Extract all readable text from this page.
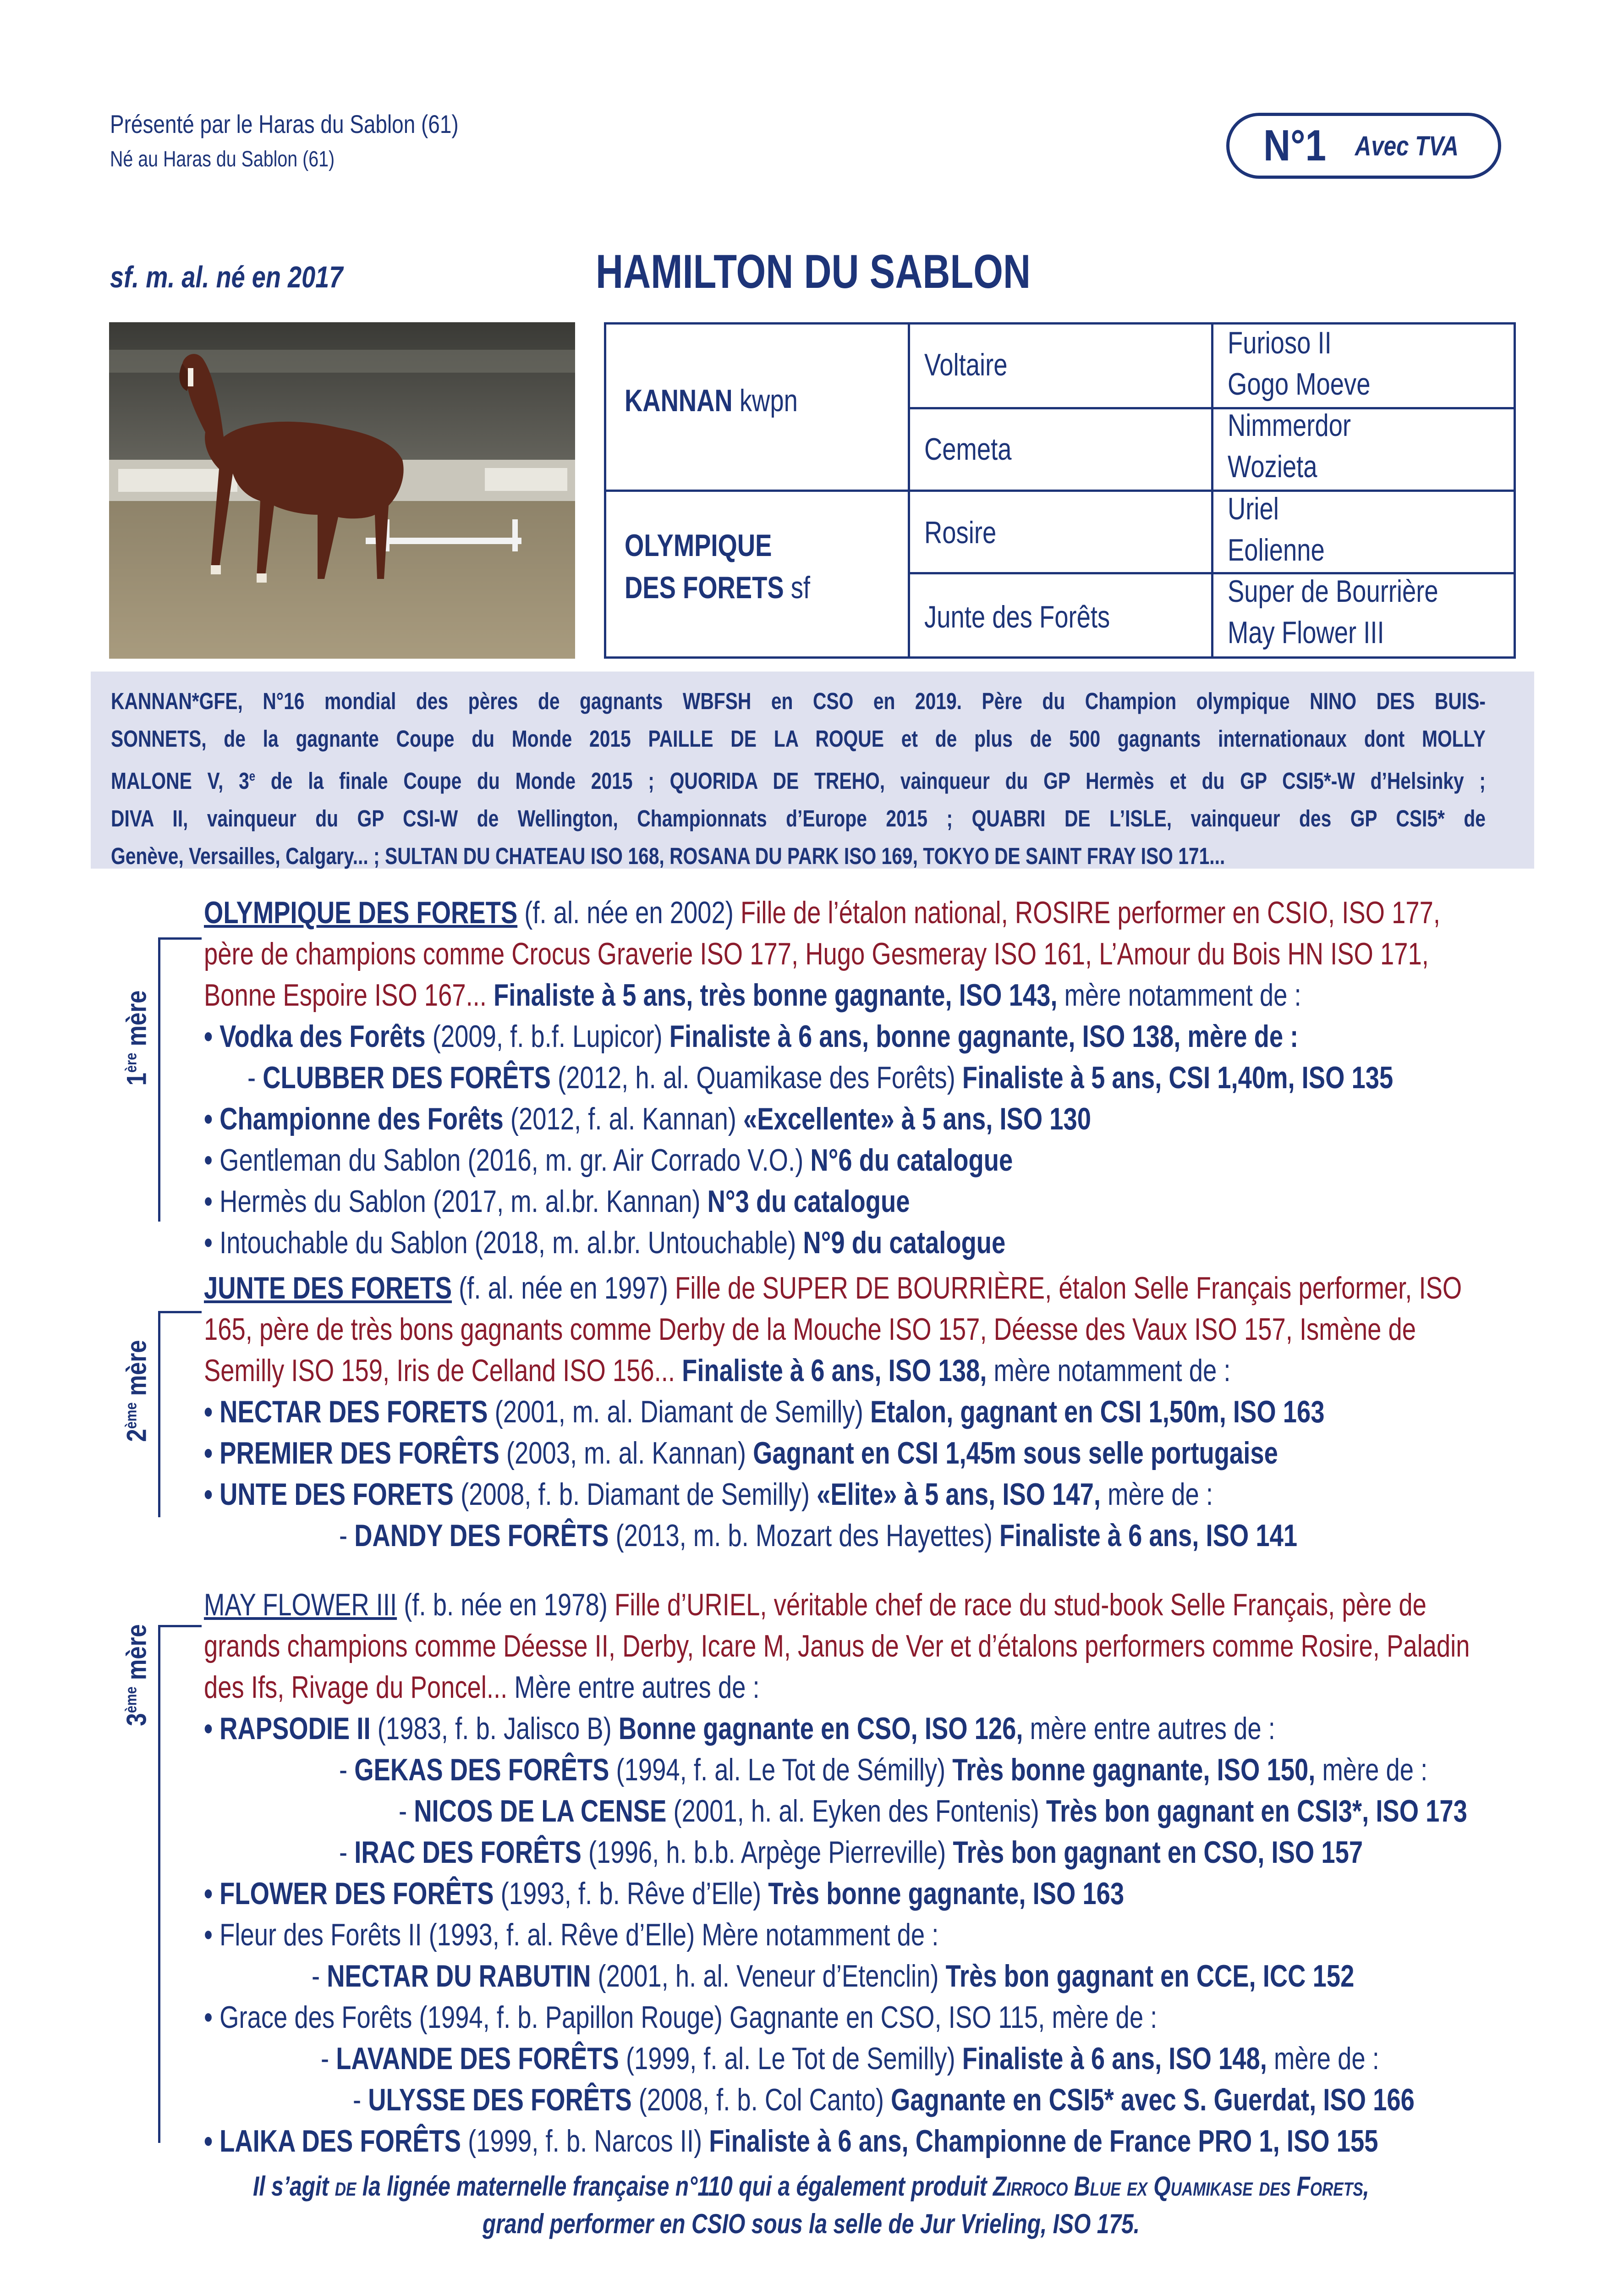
Présenté par le Haras du Sablon (61)
Né au Haras du Sablon (61)	N°1 Avec TVA
sf. m. al. né en 2017	HAMILTON DU SABLON
KANNAN kwpn
OLYMPIQUE
DES FORETS sf
Voltaire
Cemeta
Rosire
Junte des Forêts
Furioso II
Gogo Moeve
Nimmerdor
Wozieta
Uriel
Eolienne
Super de Bourrière
May Flower III
KANNAN*GFE, N°16 mondial des pères de gagnants WBFSH en CSO en 2019. Père du Champion olympique NINO DES BUIS-
SONNETS, de la gagnante Coupe du Monde 2015 PAILLE DE LA ROQUE et de plus de 500 gagnants internationaux dont MOLLY
MALONE V, 3e de la finale Coupe du Monde 2015 ; QUORIDA DE TREHO, vainqueur du GP Hermès et du GP CSI5*-W d’Helsinky ;
DIVA II, vainqueur du GP CSI-W de Wellington, Championnats d’Europe 2015 ; QUABRI DE L’ISLE, vainqueur des GP CSI5* de
Genève, Versailles, Calgary... ; SULTAN DU CHATEAU ISO 168, ROSANA DU PARK ISO 169, TOKYO DE SAINT FRAY ISO 171...
1ère mère
OLYMPIQUE DES FORETS (f. al. née en 2002) Fille de l’étalon national, ROSIRE performer en CSIO, ISO 177,
père de champions comme Crocus Graverie ISO 177, Hugo Gesmeray ISO 161, L’Amour du Bois HN ISO 171,
Bonne Espoire ISO 167... Finaliste à 5 ans, très bonne gagnante, ISO 143, mère notamment de :
• Vodka des Forêts (2009, f. b.f. Lupicor) Finaliste à 6 ans, bonne gagnante, ISO 138, mère de :
- CLUBBER DES FORÊTS (2012, h. al. Quamikase des Forêts) Finaliste à 5 ans, CSI 1,40m, ISO 135
• Championne des Forêts (2012, f. al. Kannan) «Excellente» à 5 ans, ISO 130
• Gentleman du Sablon (2016, m. gr. Air Corrado V.O.) N°6 du catalogue
• Hermès du Sablon (2017, m. al.br. Kannan) N°3 du catalogue
• Intouchable du Sablon (2018, m. al.br. Untouchable) N°9 du catalogue
2ème mère
JUNTE DES FORETS (f. al. née en 1997) Fille de SUPER DE BOURRIÈRE, étalon Selle Français performer, ISO
165, père de très bons gagnants comme Derby de la Mouche ISO 157, Déesse des Vaux ISO 157, Ismène de
Semilly ISO 159, Iris de Celland ISO 156... Finaliste à 6 ans, ISO 138, mère notamment de :
• NECTAR DES FORETS (2001, m. al. Diamant de Semilly) Etalon, gagnant en CSI 1,50m, ISO 163
• PREMIER DES FORÊTS (2003, m. al. Kannan) Gagnant en CSI 1,45m sous selle portugaise
• UNTE DES FORETS (2008, f. b. Diamant de Semilly) «Elite» à 5 ans, ISO 147, mère de :
- DANDY DES FORÊTS (2013, m. b. Mozart des Hayettes) Finaliste à 6 ans, ISO 141
3ème mère
MAY FLOWER III (f. b. née en 1978) Fille d’URIEL, véritable chef de race du stud-book Selle Français, père de
grands champions comme Déesse II, Derby, Icare M, Janus de Ver et d’étalons performers comme Rosire, Paladin
des Ifs, Rivage du Poncel... Mère entre autres de :
• RAPSODIE II (1983, f. b. Jalisco B) Bonne gagnante en CSO, ISO 126, mère entre autres de :
- GEKAS DES FORÊTS (1994, f. al. Le Tot de Sémilly) Très bonne gagnante, ISO 150, mère de :
- NICOS DE LA CENSE (2001, h. al. Eyken des Fontenis) Très bon gagnant en CSI3*, ISO 173
- IRAC DES FORÊTS (1996, h. b.b. Arpège Pierreville) Très bon gagnant en CSO, ISO 157
• FLOWER DES FORÊTS (1993, f. b. Rêve d’Elle) Très bonne gagnante, ISO 163
• Fleur des Forêts II (1993, f. al. Rêve d’Elle) Mère notamment de :
- NECTAR DU RABUTIN (2001, h. al. Veneur d’Etenclin) Très bon gagnant en CCE, ICC 152
• Grace des Forêts (1994, f. b. Papillon Rouge) Gagnante en CSO, ISO 115, mère de :
- LAVANDE DES FORÊTS (1999, f. al. Le Tot de Semilly) Finaliste à 6 ans, ISO 148, mère de :
- ULYSSE DES FORÊTS (2008, f. b. Col Canto) Gagnante en CSI5* avec S. Guerdat, ISO 166
• LAIKA DES FORÊTS (1999, f. b. Narcos II) Finaliste à 6 ans, Championne de France PRO 1, ISO 155
Il s’agit de la lignée maternelle française n°110 qui a également produit Zirroco Blue ex Quamikase des Forets,
grand performer en CSIO sous la selle de Jur Vrieling, ISO 175.
